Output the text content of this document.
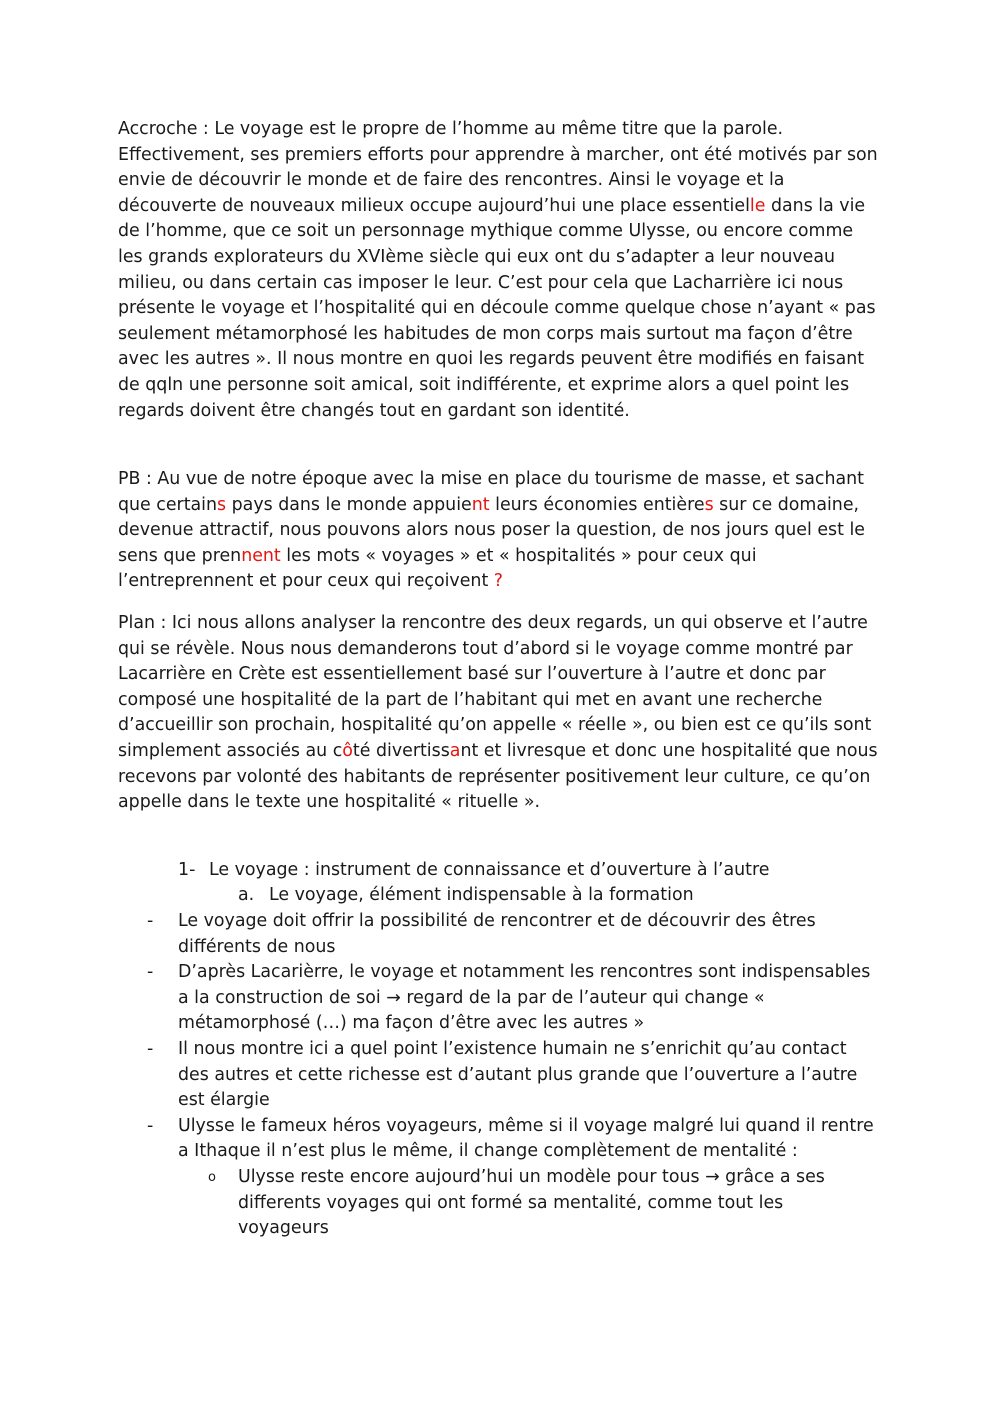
Accroche : Le voyage est le propre de l’homme au même titre que la parole. Effectivement, ses premiers efforts pour apprendre à marcher, ont été motivés par son envie de découvrir le monde et de faire des rencontres. Ainsi le voyage et la découverte de nouveaux milieux occupe aujourd’hui une place essentielle dans la vie de l’homme, que ce soit un personnage mythique comme Ulysse, ou encore comme les grands explorateurs du XVIème siècle qui eux ont du s’adapter a leur nouveau milieu, ou dans certain cas imposer le leur. C’est pour cela que Lacharrière ici nous présente le voyage et l’hospitalité qui en découle comme quelque chose n’ayant « pas seulement métamorphosé les habitudes de mon corps mais surtout ma façon d’être avec les autres ». Il nous montre en quoi les regards peuvent être modifiés en faisant de qqln une personne soit amical, soit indifférente, et exprime alors a quel point les regards doivent être changés tout en gardant son identité.

PB : Au vue de notre époque avec la mise en place du tourisme de masse, et sachant que certains pays dans le monde appuient leurs économies entières sur ce domaine, devenue attractif, nous pouvons alors nous poser la question, de nos jours quel est le sens que prennent les mots « voyages » et « hospitalités » pour ceux qui l’entreprennent et pour ceux qui reçoivent ?

Plan : Ici nous allons analyser la rencontre des deux regards, un qui observe et l’autre qui se révèle. Nous nous demanderons tout d’abord si le voyage comme montré par Lacarrière en Crète est essentiellement basé sur l’ouverture à l’autre et donc par composé une hospitalité de la part de l’habitant qui met en avant une recherche d’accueillir son prochain, hospitalité qu’on appelle « réelle », ou bien est ce qu’ils sont simplement associés au côté divertissant et livresque et donc une hospitalité que nous recevons par volonté des habitants de représenter positivement leur culture, ce qu’on appelle dans le texte une hospitalité « rituelle ».

1- Le voyage : instrument de connaissance et d’ouverture à l’autre
a. Le voyage, élément indispensable à la formation
- Le voyage doit offrir la possibilité de rencontrer et de découvrir des êtres différents de nous
- D’après Lacarièrre, le voyage et notamment les rencontres sont indispensables a la construction de soi → regard de la par de l’auteur qui change « métamorphosé (…) ma façon d’être avec les autres »
- Il nous montre ici a quel point l’existence humain ne s’enrichit qu’au contact des autres et cette richesse est d’autant plus grande que l’ouverture a l’autre est élargie
- Ulysse le fameux héros voyageurs, même si il voyage malgré lui quand il rentre a Ithaque il n’est plus le même, il change complètement de mentalité :
o Ulysse reste encore aujourd’hui un modèle pour tous → grâce a ses differents voyages qui ont formé sa mentalité, comme tout les voyageurs
